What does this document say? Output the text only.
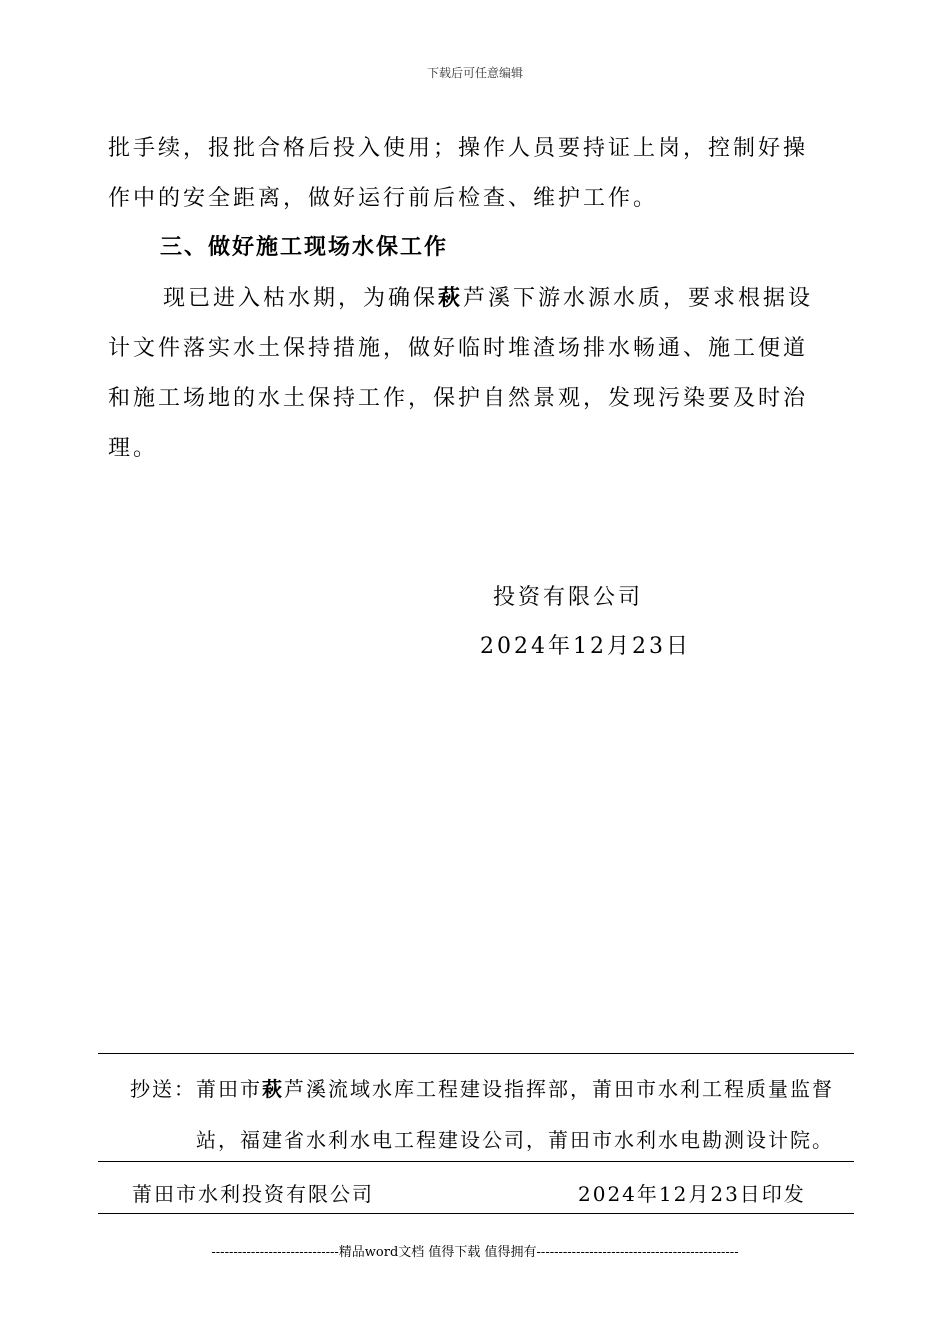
下载后可任意编辑
批手续，报批合格后投入使用；操作人员要持证上岗，控制好操
作中的安全距离，做好运行前后检查、维护工作。
三、做好施工现场水保工作
现已进入枯水期，为确保萩芦溪下游水源水质，要求根据设
计文件落实水土保持措施，做好临时堆渣场排水畅通、施工便道
和施工场地的水土保持工作，保护自然景观，发现污染要及时治
理。
投资有限公司
2024年12月23日
抄送：莆田市萩芦溪流域水库工程建设指挥部，莆田市水利工程质量监督
站，福建省水利水电工程建设公司，莆田市水利水电勘测设计院。
莆田市水利投资有限公司	2024年12月23日印发
-----------------------------精品word文档 值得下载 值得拥有----------------------------------------------
